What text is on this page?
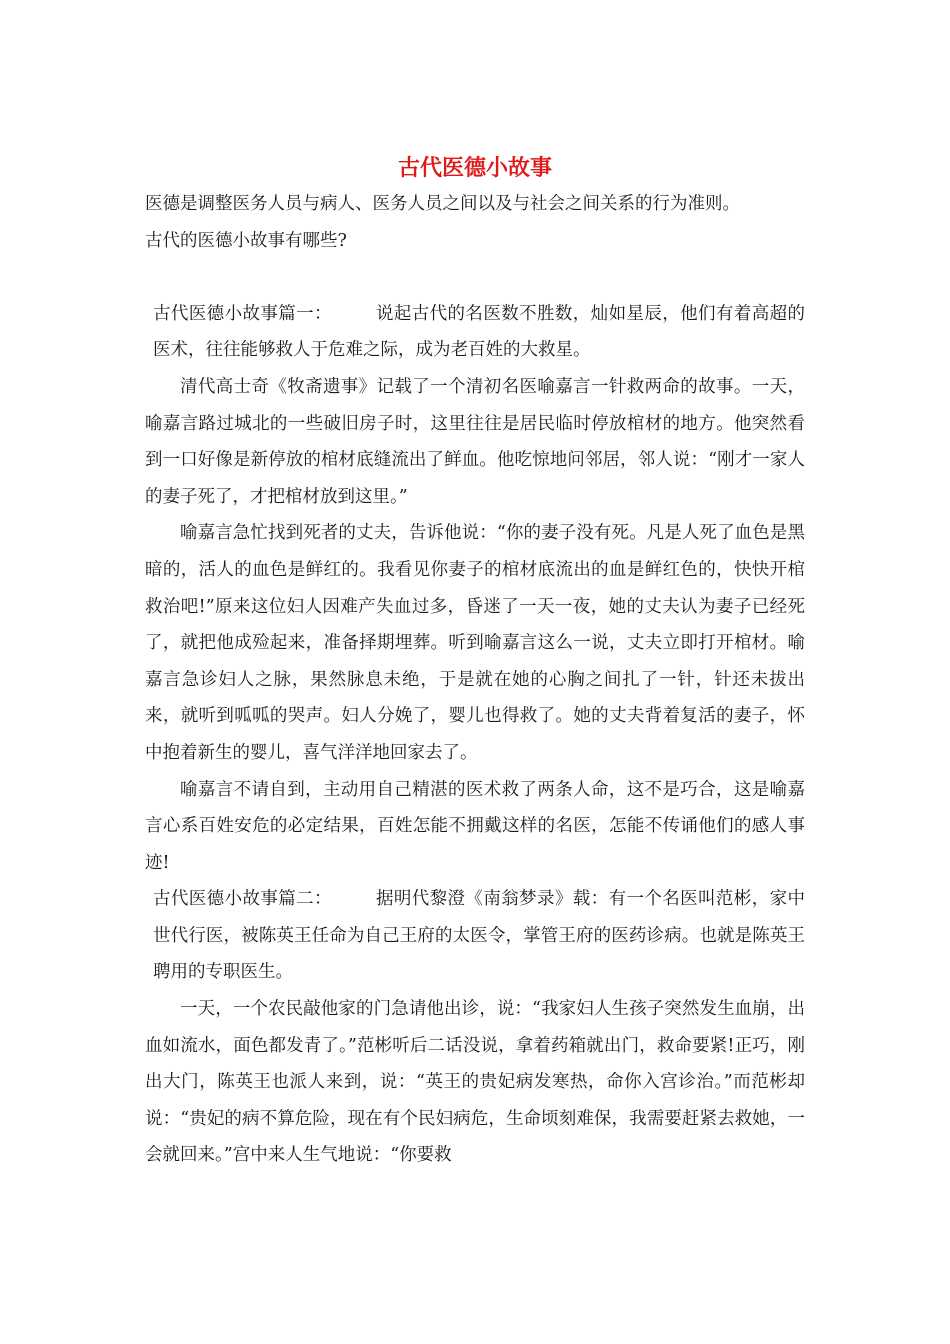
古代医德小故事

医德是调整医务人员与病人、医务人员之间以及与社会之间关系的行为准则。

古代的医德小故事有哪些?

古代医德小故事篇一：	说起古代的名医数不胜数，灿如星辰，他们有着高超的医术，往往能够救人于危难之际，成为老百姓的大救星。

清代高士奇《牧斋遗事》记载了一个清初名医喻嘉言一针救两命的故事。一天，喻嘉言路过城北的一些破旧房子时，这里往往是居民临时停放棺材的地方。他突然看到一口好像是新停放的棺材底缝流出了鲜血。他吃惊地问邻居，邻人说：“刚才一家人的妻子死了，才把棺材放到这里。”

喻嘉言急忙找到死者的丈夫，告诉他说：“你的妻子没有死。凡是人死了血色是黑暗的，活人的血色是鲜红的。我看见你妻子的棺材底流出的血是鲜红色的，快快开棺救治吧!”原来这位妇人因难产失血过多，昏迷了一天一夜，她的丈夫认为妻子已经死了，就把他成殓起来，准备择期埋葬。听到喻嘉言这么一说，丈夫立即打开棺材。喻嘉言急诊妇人之脉，果然脉息未绝，于是就在她的心胸之间扎了一针，针还未拔出来，就听到呱呱的哭声。妇人分娩了，婴儿也得救了。她的丈夫背着复活的妻子，怀中抱着新生的婴儿，喜气洋洋地回家去了。

喻嘉言不请自到，主动用自己精湛的医术救了两条人命，这不是巧合，这是喻嘉言心系百姓安危的必定结果，百姓怎能不拥戴这样的名医，怎能不传诵他们的感人事迹!

古代医德小故事篇二：	据明代黎澄《南翁梦录》载：有一个名医叫范彬，家中世代行医，被陈英王任命为自己王府的太医令，掌管王府的医药诊病。也就是陈英王聘用的专职医生。

一天，一个农民敲他家的门急请他出诊，说：“我家妇人生孩子突然发生血崩，出血如流水，面色都发青了。”范彬听后二话没说，拿着药箱就出门，救命要紧!正巧，刚出大门，陈英王也派人来到，说：“英王的贵妃病发寒热，命你入宫诊治。”而范彬却说：“贵妃的病不算危险，现在有个民妇病危，生命顷刻难保，我需要赶紧去救她，一会就回来。”宫中来人生气地说：“你要救
